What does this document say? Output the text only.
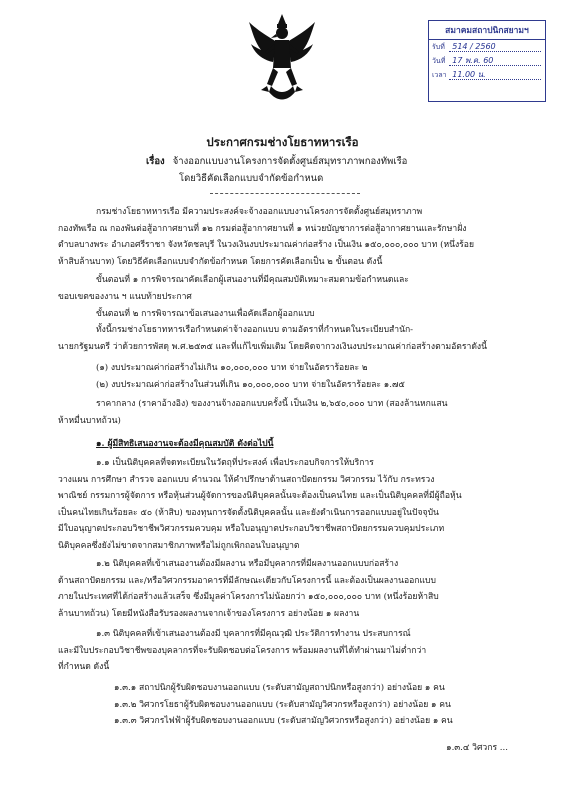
สมาคมสถาปนิกสยามฯ
รับที่ 514 / 2560
วันที่ 17 พ.ค. 60
เวลา 11.00 น.
ประกาศกรมช่างโยธาทหารเรือ
เรื่อง จ้างออกแบบงานโครงการจัดตั้งศูนย์สมุทราภาพกองทัพเรือ
โดยวิธีคัดเลือกแบบจำกัดข้อกำหนด

กรมช่างโยธาทหารเรือ มีความประสงค์จะจ้างออกแบบงานโครงการจัดตั้งศูนย์สมุทราภาพ

กองทัพเรือ ณ กองพันต่อสู้อากาศยานที่ ๑๒ กรมต่อสู้อากาศยานที่ ๑ หน่วยบัญชาการต่อสู้อากาศยานและรักษาฝั่ง

ตำบลบางพระ อำเภอศรีราชา จังหวัดชลบุรี ในวงเงินงบประมาณค่าก่อสร้าง เป็นเงิน ๑๕๐,๐๐๐,๐๐๐ บาท (หนึ่งร้อย

ห้าสิบล้านบาท) โดยวิธีคัดเลือกแบบจำกัดข้อกำหนด โดยการคัดเลือกเป็น ๒ ขั้นตอน ดังนี้

ขั้นตอนที่ ๑ การพิจารณาคัดเลือกผู้เสนองานที่มีคุณสมบัติเหมาะสมตามข้อกำหนดและ

ขอบเขตของงาน ฯ แนบท้ายประกาศ

ขั้นตอนที่ ๒ การพิจารณาข้อเสนองานเพื่อคัดเลือกผู้ออกแบบ

ทั้งนี้กรมช่างโยธาทหารเรือกำหนดค่าจ้างออกแบบ ตามอัตราที่กำหนดในระเบียบสำนัก-

นายกรัฐมนตรี ว่าด้วยการพัสดุ พ.ศ.๒๕๓๕ และที่แก้ไขเพิ่มเติม โดยคิดจากวงเงินงบประมาณค่าก่อสร้างตามอัตราดังนี้

(๑) งบประมาณค่าก่อสร้างไม่เกิน ๑๐,๐๐๐,๐๐๐ บาท จ่ายในอัตราร้อยละ ๒

(๒) งบประมาณค่าก่อสร้างในส่วนที่เกิน ๑๐,๐๐๐,๐๐๐ บาท จ่ายในอัตราร้อยละ ๑.๗๕

ราคากลาง (ราคาอ้างอิง) ของงานจ้างออกแบบครั้งนี้ เป็นเงิน ๒,๖๕๐,๐๐๐ บาท (สองล้านหกแสน

ห้าหมื่นบาทถ้วน)

๑. ผู้มีสิทธิเสนองานจะต้องมีคุณสมบัติ ดังต่อไปนี้

๑.๑ เป็นนิติบุคคลที่จดทะเบียนในวัตถุที่ประสงค์ เพื่อประกอบกิจการให้บริการ

วางแผน การศึกษา สำรวจ ออกแบบ คำนวณ ให้คำปรึกษาด้านสถาปัตยกรรม วิศวกรรม ไว้กับ กระทรวง

พาณิชย์ กรรมการผู้จัดการ หรือหุ้นส่วนผู้จัดการของนิติบุคคลนั้นจะต้องเป็นคนไทย และเป็นนิติบุคคลที่มีผู้ถือหุ้น

เป็นคนไทยเกินร้อยละ ๕๐ (ห้าสิบ) ของทุนการจัดตั้งนิติบุคคลนั้น และยังดำเนินการออกแบบอยู่ในปัจจุบัน

มีใบอนุญาตประกอบวิชาชีพวิศวกรรมควบคุม หรือใบอนุญาตประกอบวิชาชีพสถาปัตยกรรมควบคุมประเภท

นิติบุคคลซึ่งยังไม่ขาดจากสมาชิกภาพหรือไม่ถูกเพิกถอนใบอนุญาต

๑.๒ นิติบุคคลที่เข้าเสนองานต้องมีผลงาน หรือมีบุคลากรที่มีผลงานออกแบบก่อสร้าง

ด้านสถาปัตยกรรม และ/หรือวิศวกรรมอาคารที่มีลักษณะเดียวกับโครงการนี้ และต้องเป็นผลงานออกแบบ

ภายในประเทศที่ได้ก่อสร้างแล้วเสร็จ ซึ่งมีมูลค่าโครงการไม่น้อยกว่า ๑๕๐,๐๐๐,๐๐๐ บาท (หนึ่งร้อยห้าสิบ

ล้านบาทถ้วน) โดยมีหนังสือรับรองผลงานจากเจ้าของโครงการ อย่างน้อย ๑ ผลงาน

๑.๓ นิติบุคคลที่เข้าเสนองานต้องมี บุคลากรที่มีคุณวุฒิ ประวัติการทำงาน ประสบการณ์

และมีใบประกอบวิชาชีพของบุคลากรที่จะรับผิดชอบต่อโครงการ พร้อมผลงานที่ได้ทำผ่านมาไม่ต่ำกว่า

ที่กำหนด ดังนี้

๑.๓.๑ สถาปนิกผู้รับผิดชอบงานออกแบบ (ระดับสามัญสถาปนิกหรือสูงกว่า) อย่างน้อย ๑ คน

๑.๓.๒ วิศวกรโยธาผู้รับผิดชอบงานออกแบบ (ระดับสามัญวิศวกรหรือสูงกว่า) อย่างน้อย ๑ คน

๑.๓.๓ วิศวกรไฟฟ้าผู้รับผิดชอบงานออกแบบ (ระดับสามัญวิศวกรหรือสูงกว่า) อย่างน้อย ๑ คน

๑.๓.๔ วิศวกร ...
